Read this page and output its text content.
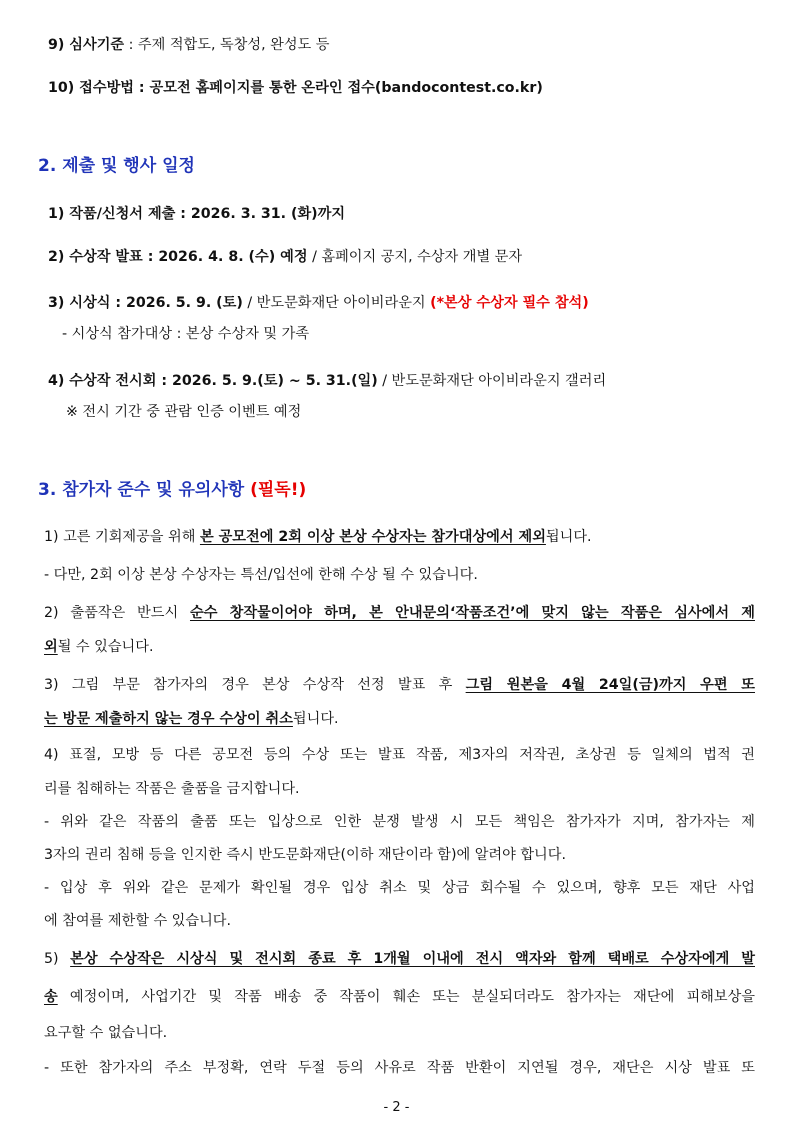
9) 심사기준 : 주제 적합도, 독창성, 완성도 등
10) 접수방법 : 공모전 홈페이지를 통한 온라인 접수(bandocontest.co.kr)
2. 제출 및 행사 일정
1) 작품/신청서 제출 : 2026. 3. 31. (화)까지
2) 수상작 발표 : 2026. 4. 8. (수) 예정 / 홈페이지 공지, 수상자 개별 문자
3) 시상식 : 2026. 5. 9. (토) / 반도문화재단 아이비라운지 (*본상 수상자 필수 참석)
- 시상식 참가대상 : 본상 수상자 및 가족
4) 수상작 전시회 : 2026. 5. 9.(토) ~ 5. 31.(일) / 반도문화재단 아이비라운지 갤러리
※ 전시 기간 중 관람 인증 이벤트 예정
3. 참가자 준수 및 유의사항 (필독!)
1) 고른 기회제공을 위해 본 공모전에 2회 이상 본상 수상자는 참가대상에서 제외됩니다.
- 다만, 2회 이상 본상 수상자는 특선/입선에 한해 수상 될 수 있습니다.
2) 출품작은 반드시 순수 창작물이어야 하며, 본 안내문의‘작품조건’에 맞지 않는 작품은 심사에서 제
외될 수 있습니다.
3) 그림 부문 참가자의 경우 본상 수상작 선정 발표 후 그림 원본을 4월 24일(금)까지 우편 또
는 방문 제출하지 않는 경우 수상이 취소됩니다.
4) 표절, 모방 등 다른 공모전 등의 수상 또는 발표 작품, 제3자의 저작권, 초상권 등 일체의 법적 권
리를 침해하는 작품은 출품을 금지합니다.
- 위와 같은 작품의 출품 또는 입상으로 인한 분쟁 발생 시 모든 책임은 참가자가 지며, 참가자는 제
3자의 권리 침해 등을 인지한 즉시 반도문화재단(이하 재단이라 함)에 알려야 합니다.
- 입상 후 위와 같은 문제가 확인될 경우 입상 취소 및 상금 회수될 수 있으며, 향후 모든 재단 사업
에 참여를 제한할 수 있습니다.
5) 본상 수상작은 시상식 및 전시회 종료 후 1개월 이내에 전시 액자와 함께 택배로 수상자에게 발
송 예정이며, 사업기간 및 작품 배송 중 작품이 훼손 또는 분실되더라도 참가자는 재단에 피해보상을
요구할 수 없습니다.
- 또한 참가자의 주소 부정확, 연락 두절 등의 사유로 작품 반환이 지연될 경우, 재단은 시상 발표 또
- 2 -
